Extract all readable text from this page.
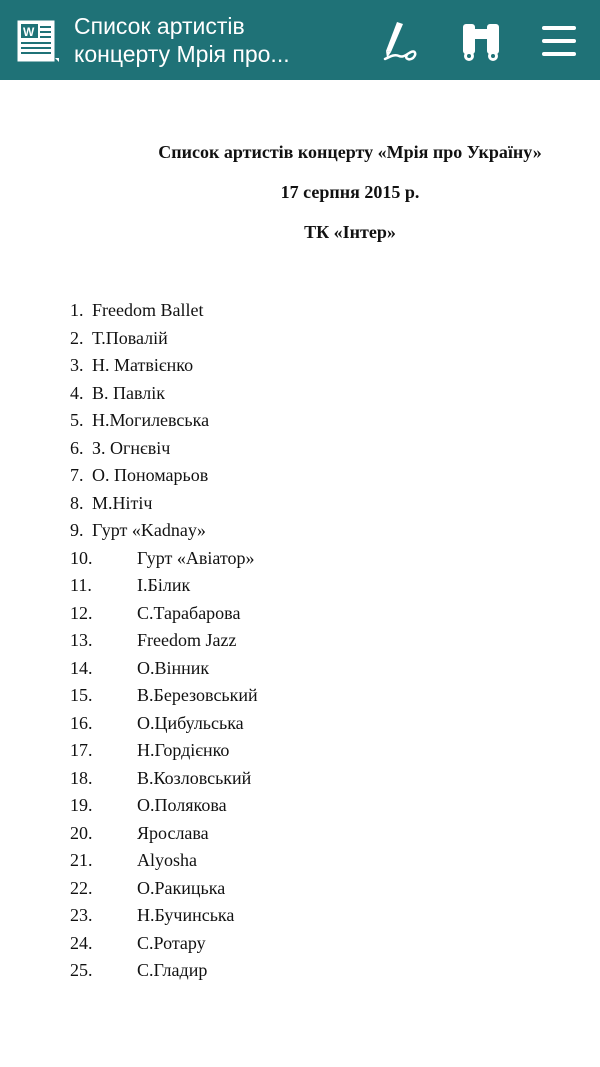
W Список артистів
концерту Мрія про...
Список артистів концерту «Мрія про Україну»
17 серпня 2015 р.
ТК «Інтер»
1. Freedom Ballet
2. Т.Повалій
3. Н. Матвієнко
4. В. Павлік
5. Н.Могилевська
6. З. Огнєвіч
7. О. Пономарьов
8. М.Нітіч
9. Гурт «Kadnay»
10. Гурт «Авіатор»
11.	І.Білик
12. С.Тарабарова
13. Freedom Jazz
14. О.Вінник
15. В.Березовський
16. О.Цибульська
17. Н.Гордієнко
18. В.Козловський
19. О.Полякова
20. Ярослава
21. Alyosha
22. О.Ракицька
23. Н.Бучинська
24. С.Ротару
25. С.Гладир
